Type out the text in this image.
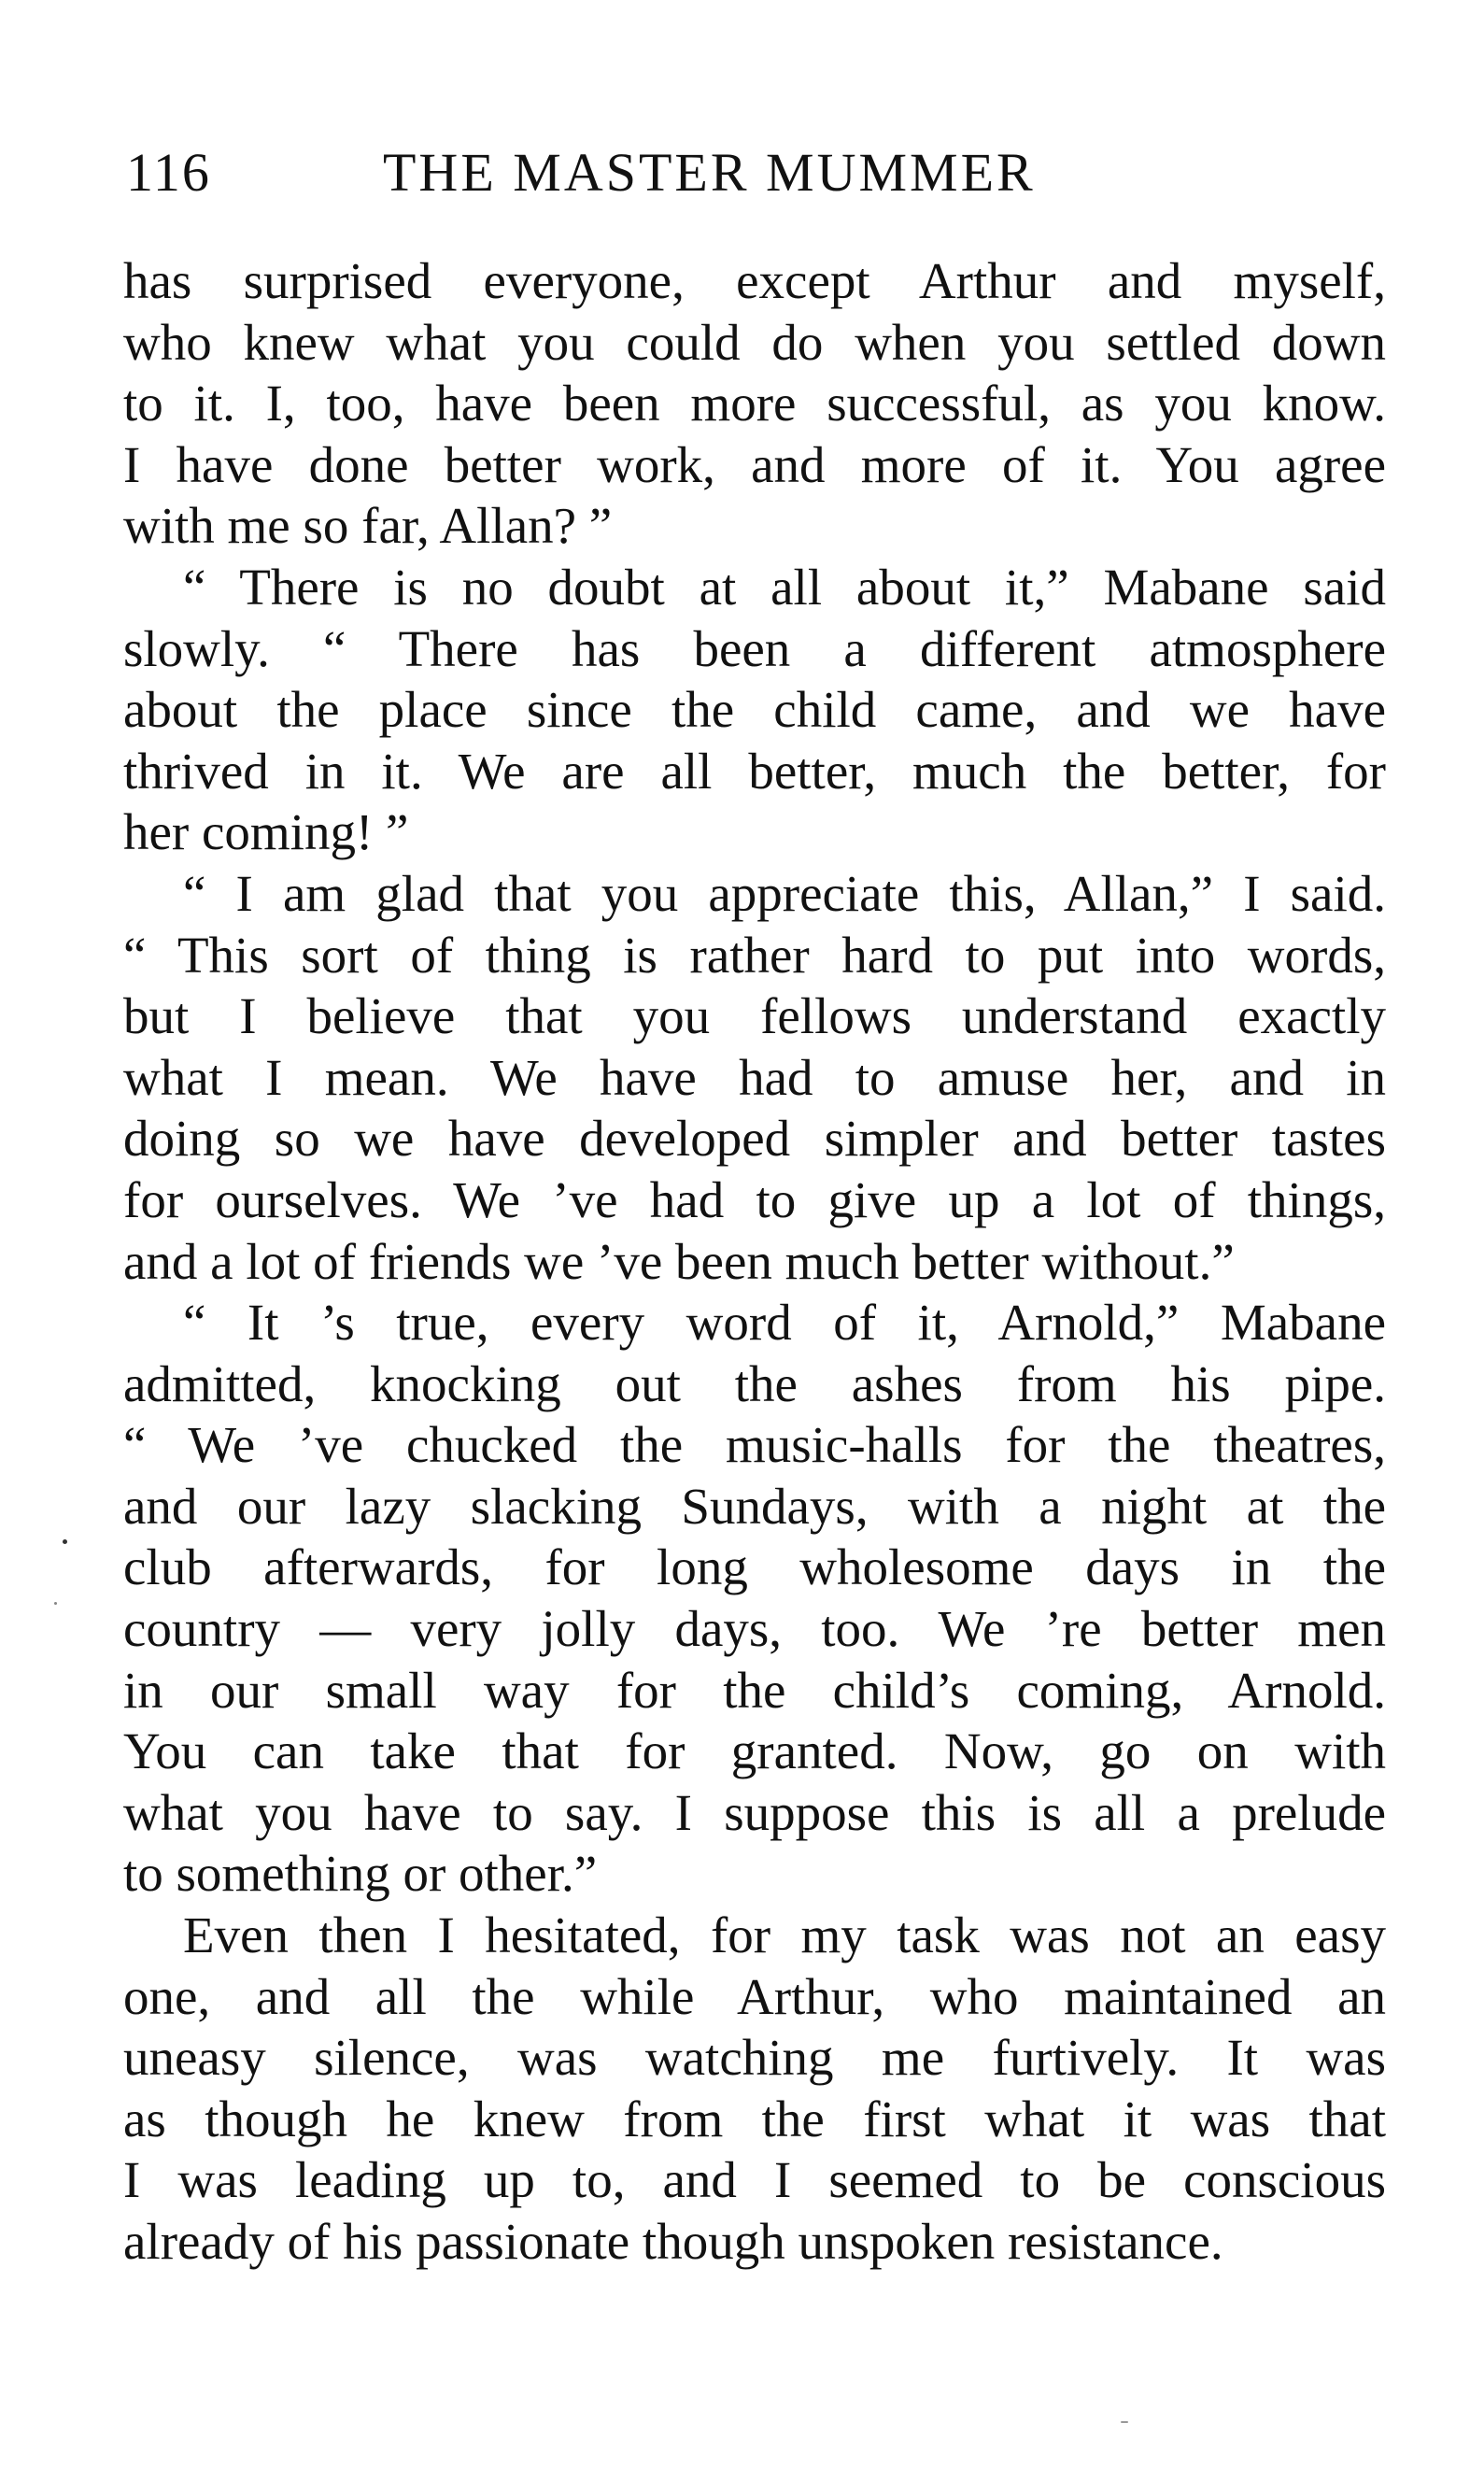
116	THE MASTER MUMMER
has surprised everyone, except Arthur and myself,
who knew what you could do when you settled down
to it. I, too, have been more successful, as you know.
I have done better work, and more of it. You agree
with me so far, Allan? ”
“ There is no doubt at all about it,” Mabane said
slowly. “ There has been a different atmosphere
about the place since the child came, and we have
thrived in it. We are all better, much the better, for
her coming! ”
“ I am glad that you appreciate this, Allan,” I said.
“ This sort of thing is rather hard to put into words,
but I believe that you fellows understand exactly
what I mean. We have had to amuse her, and in
doing so we have developed simpler and better tastes
for ourselves. We ’ve had to give up a lot of things,
and a lot of friends we ’ve been much better without.”
“ It ’s true, every word of it, Arnold,” Mabane
admitted, knocking out the ashes from his pipe.
“ We ’ve chucked the music-halls for the theatres,
and our lazy slacking Sundays, with a night at the
club afterwards, for long wholesome days in the
country — very jolly days, too. We ’re better men
in our small way for the child’s coming, Arnold.
You can take that for granted. Now, go on with
what you have to say. I suppose this is all a prelude
to something or other.”
Even then I hesitated, for my task was not an easy
one, and all the while Arthur, who maintained an
uneasy silence, was watching me furtively. It was
as though he knew from the first what it was that
I was leading up to, and I seemed to be conscious
already of his passionate though unspoken resistance.
